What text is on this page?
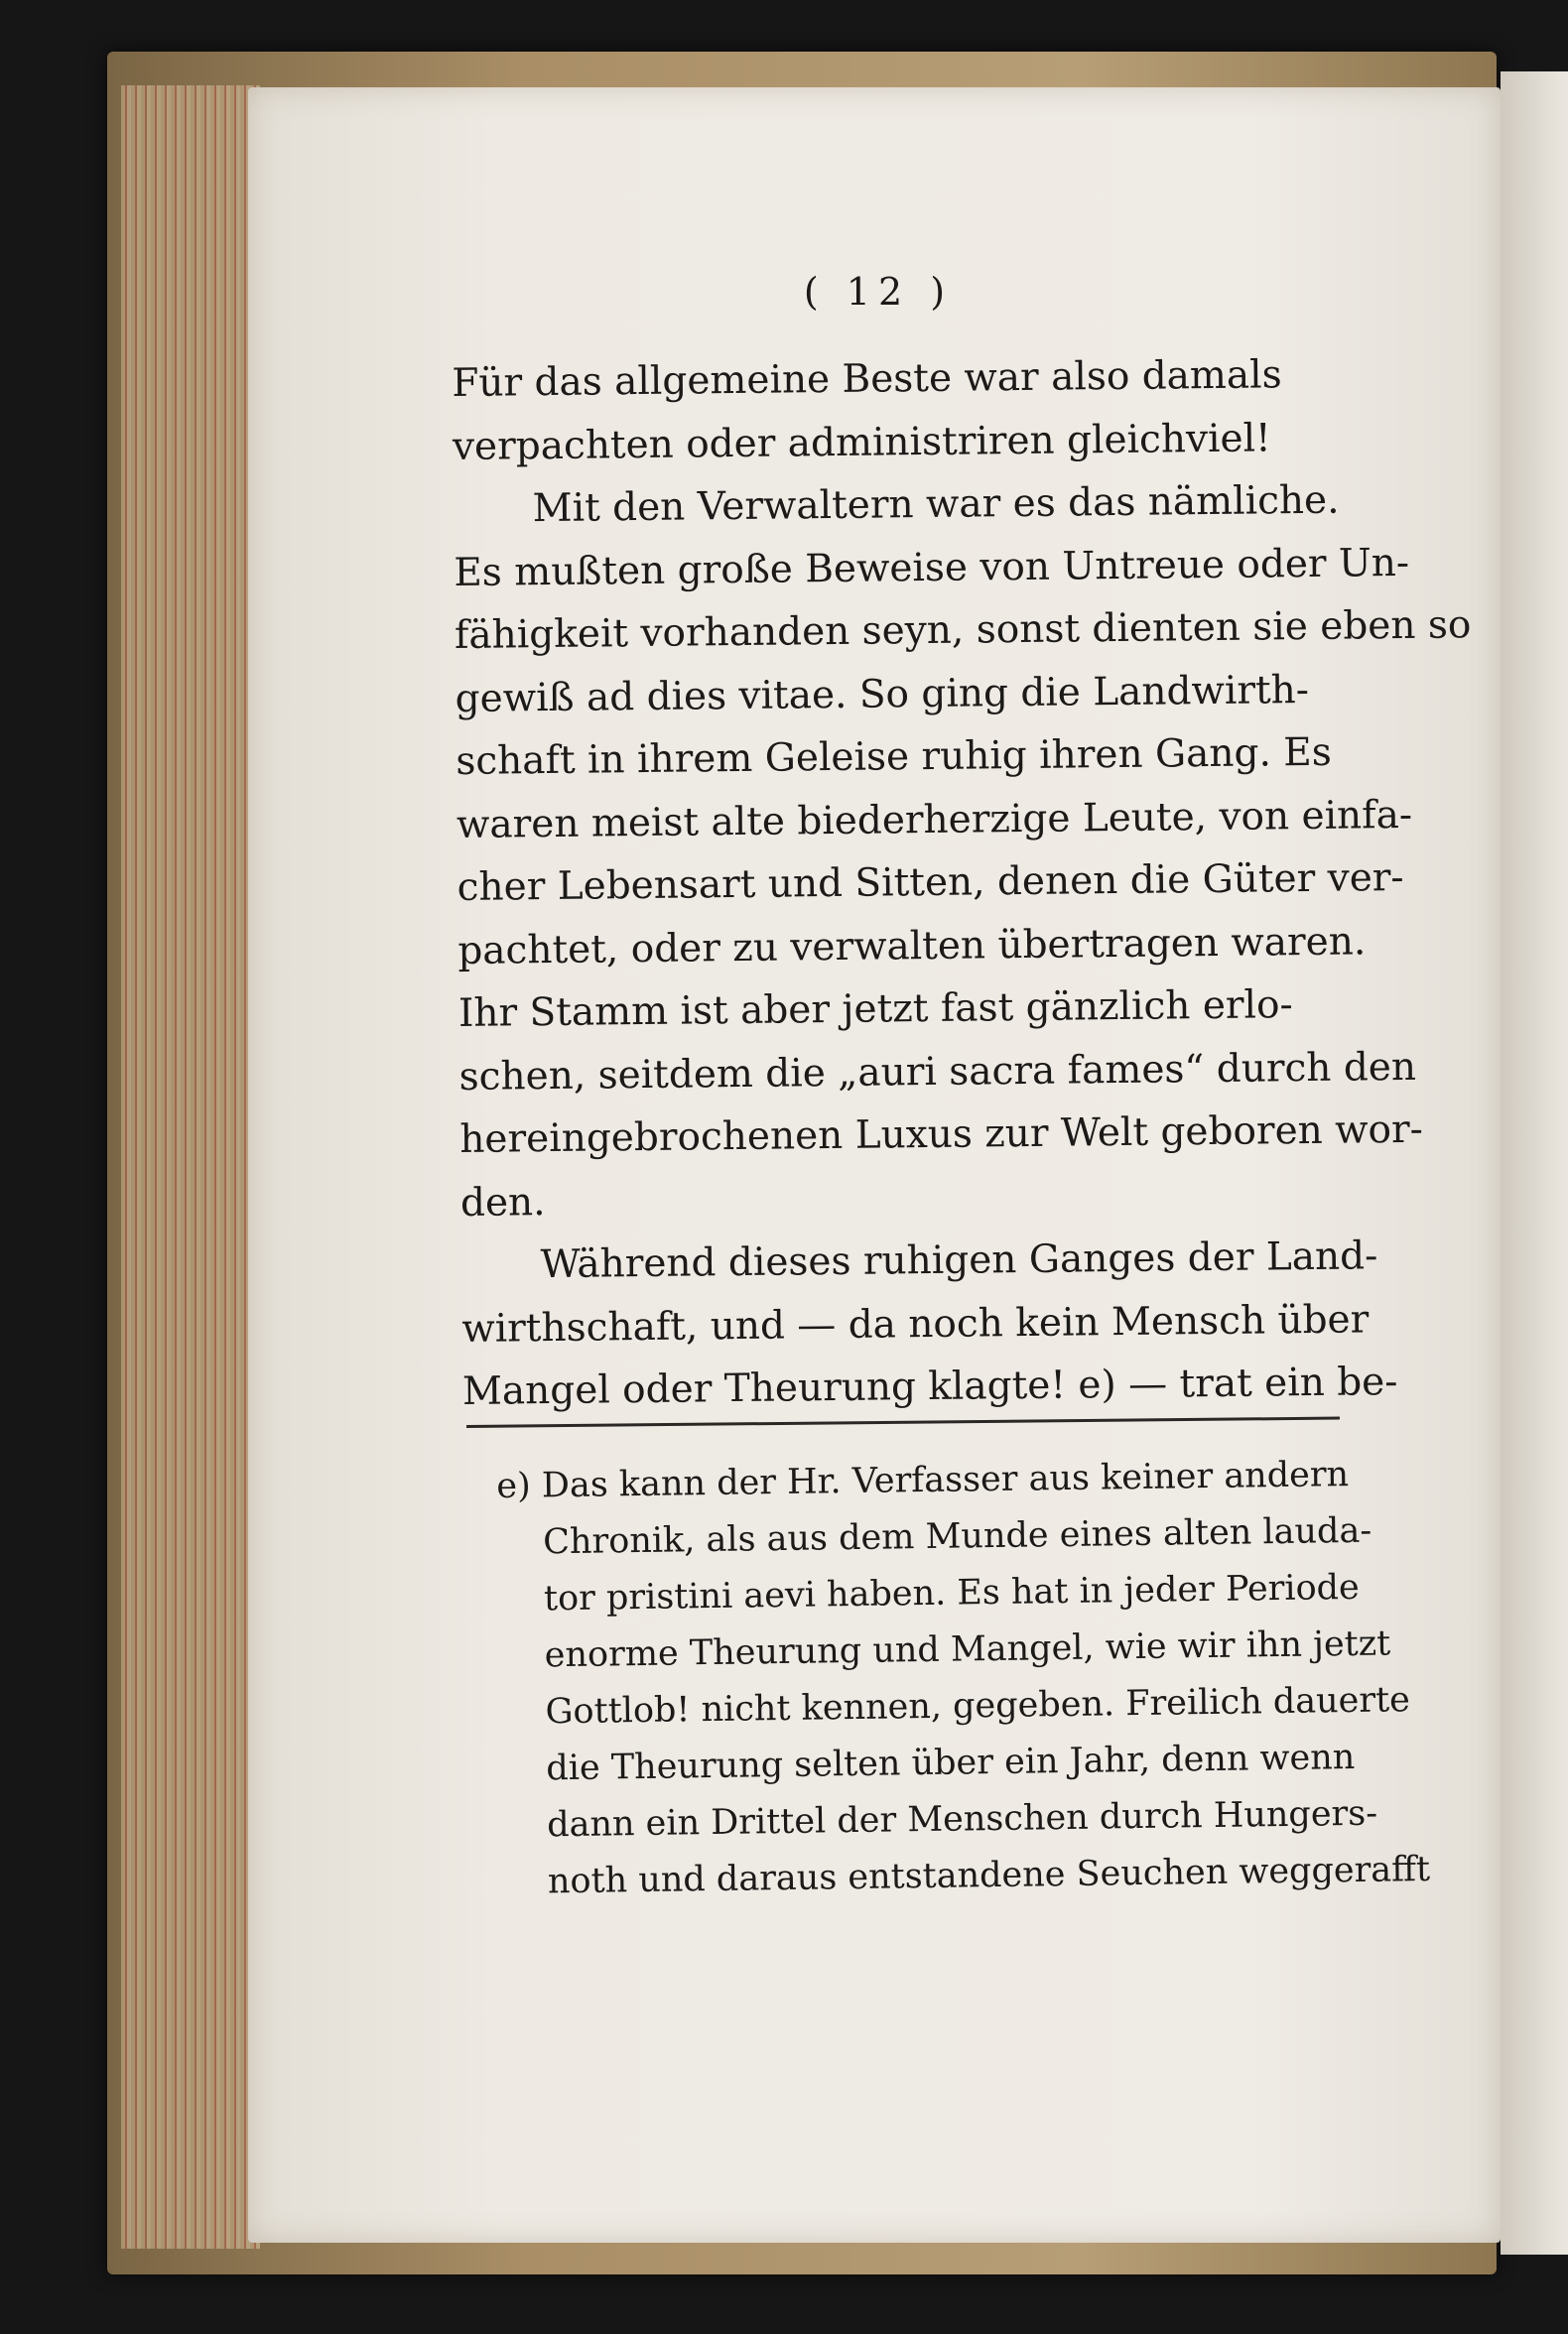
( 12 )
Für das allgemeine Beste war also damals
verpachten oder administriren gleichviel!
Mit den Verwaltern war es das nämliche.
Es mußten große Beweise von Untreue oder Un-
fähigkeit vorhanden seyn, sonst dienten sie eben so
gewiß ad dies vitae. So ging die Landwirth-
schaft in ihrem Geleise ruhig ihren Gang. Es
waren meist alte biederherzige Leute, von einfa-
cher Lebensart und Sitten, denen die Güter ver-
pachtet, oder zu verwalten übertragen waren.
Ihr Stamm ist aber jetzt fast gänzlich erlo-
schen, seitdem die „auri sacra fames“ durch den
hereingebrochenen Luxus zur Welt geboren wor-
den.
Während dieses ruhigen Ganges der Land-
wirthschaft, und — da noch kein Mensch über
Mangel oder Theurung klagte! e) — trat ein be-
e) Das kann der Hr. Verfasser aus keiner andern
Chronik, als aus dem Munde eines alten lauda-
tor pristini aevi haben. Es hat in jeder Periode
enorme Theurung und Mangel, wie wir ihn jetzt
Gottlob! nicht kennen, gegeben. Freilich dauerte
die Theurung selten über ein Jahr, denn wenn
dann ein Drittel der Menschen durch Hungers-
noth und daraus entstandene Seuchen weggerafft
